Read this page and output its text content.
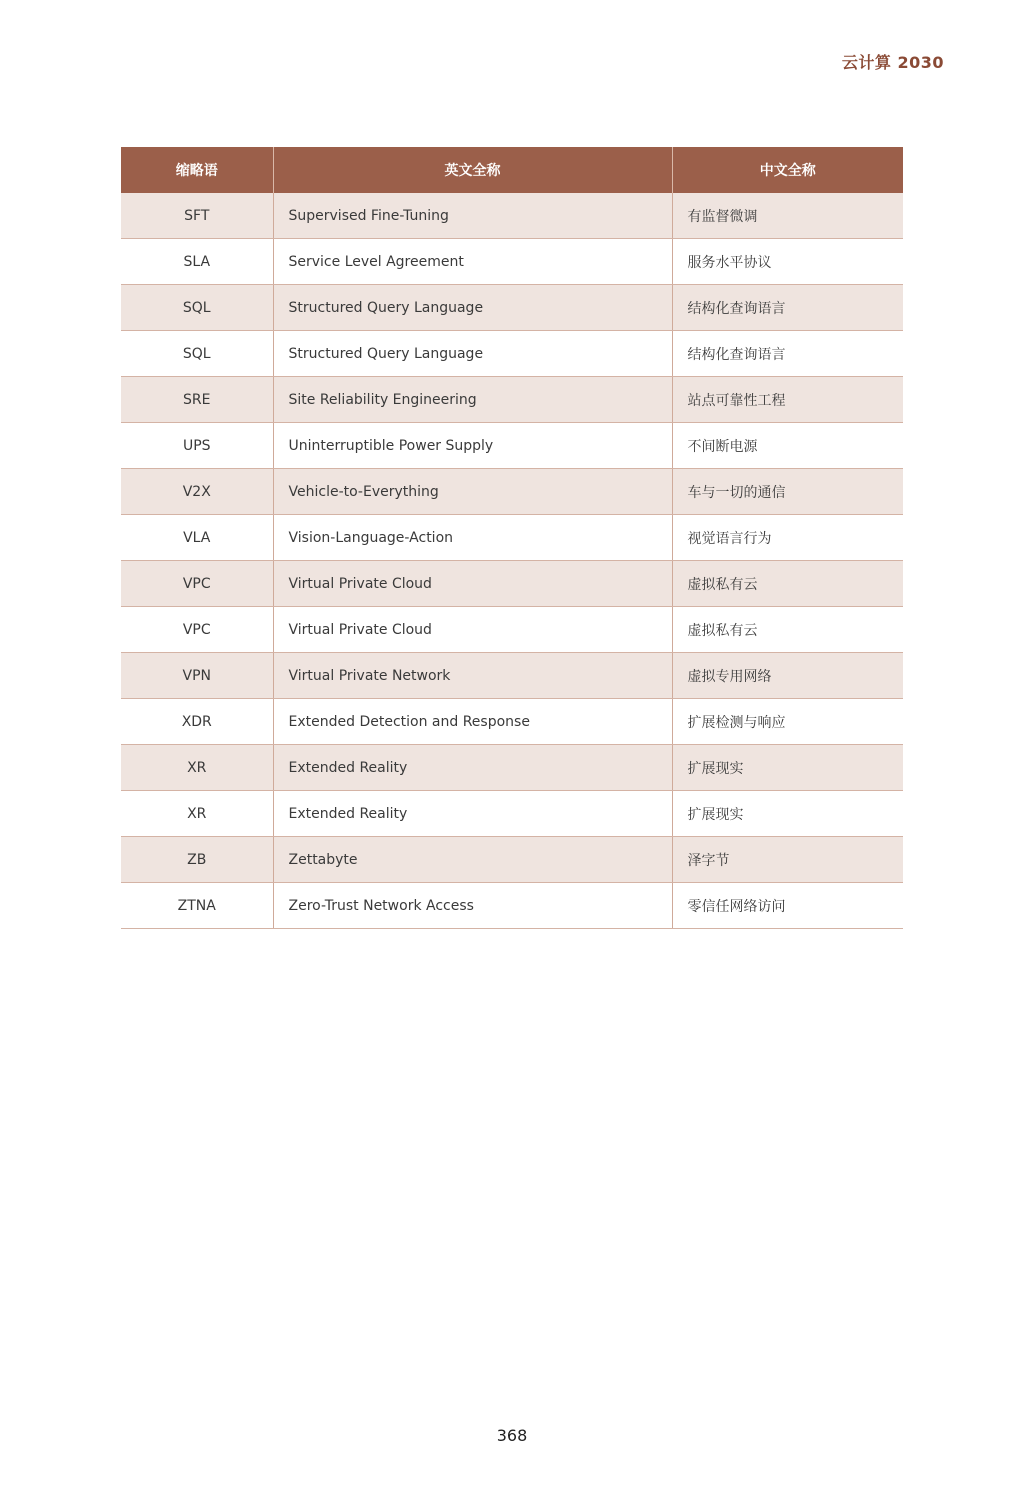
云计算 2030
缩略语	英文全称	中文全称
SFT	Supervised Fine-Tuning	有监督微调
SLA	Service Level Agreement	服务水平协议
SQL	Structured Query Language	结构化查询语言
SQL	Structured Query Language	结构化查询语言
SRE	Site Reliability Engineering	站点可靠性工程
UPS	Uninterruptible Power Supply	不间断电源
V2X	Vehicle-to-Everything	车与一切的通信
VLA	Vision-Language-Action	视觉语言行为
VPC	Virtual Private Cloud	虚拟私有云
VPC	Virtual Private Cloud	虚拟私有云
VPN	Virtual Private Network	虚拟专用网络
XDR	Extended Detection and Response	扩展检测与响应
XR	Extended Reality	扩展现实
XR	Extended Reality	扩展现实
ZB	Zettabyte	泽字节
ZTNA	Zero-Trust Network Access	零信任网络访问
368
